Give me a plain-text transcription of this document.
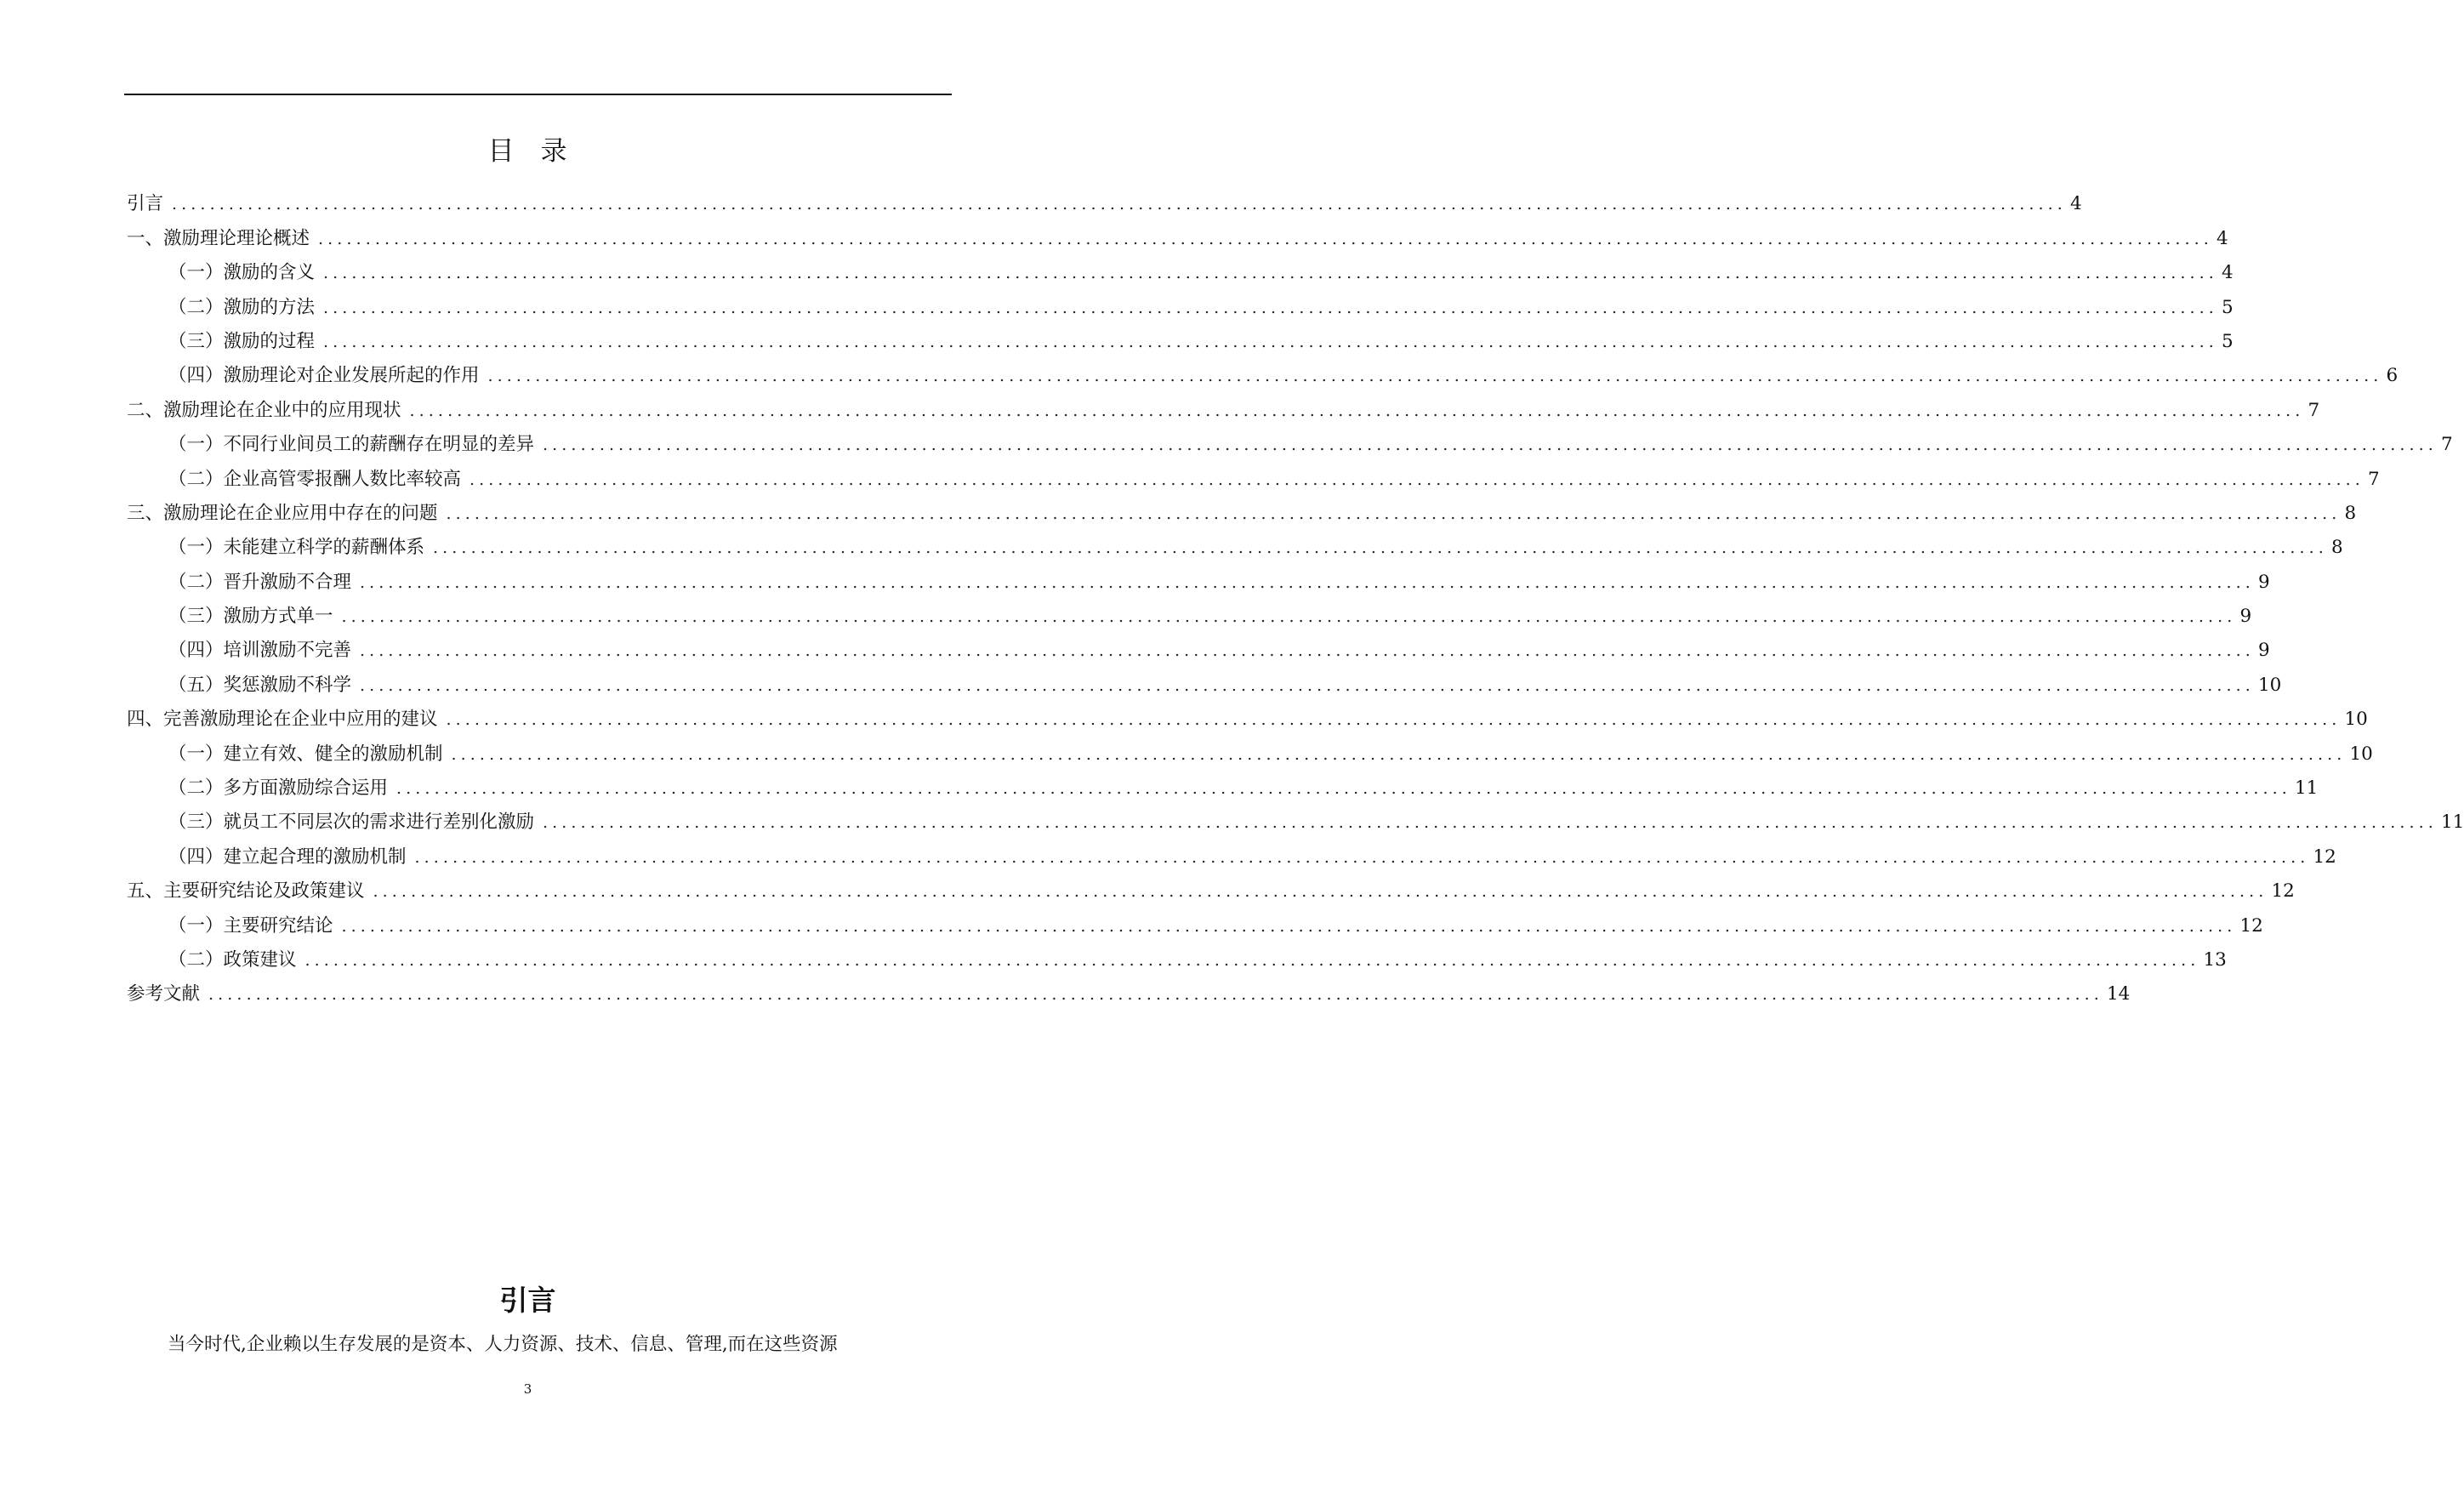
目 录
引言 ........................................................................................................................................................................................................ 4
一、激励理论理论概述 ........................................................................................................................................................................................................ 4
（一）激励的含义 ........................................................................................................................................................................................................ 4
（二）激励的方法 ........................................................................................................................................................................................................ 5
（三）激励的过程 ........................................................................................................................................................................................................ 5
（四）激励理论对企业发展所起的作用 ........................................................................................................................................................................................................ 6
二、激励理论在企业中的应用现状 ........................................................................................................................................................................................................ 7
（一）不同行业间员工的薪酬存在明显的差异 ........................................................................................................................................................................................................ 7
（二）企业高管零报酬人数比率较高 ........................................................................................................................................................................................................ 7
三、激励理论在企业应用中存在的问题 ........................................................................................................................................................................................................ 8
（一）未能建立科学的薪酬体系 ........................................................................................................................................................................................................ 8
（二）晋升激励不合理 ........................................................................................................................................................................................................ 9
（三）激励方式单一 ........................................................................................................................................................................................................ 9
（四）培训激励不完善 ........................................................................................................................................................................................................ 9
（五）奖惩激励不科学 ........................................................................................................................................................................................................ 10
四、完善激励理论在企业中应用的建议 ........................................................................................................................................................................................................ 10
（一）建立有效、健全的激励机制 ........................................................................................................................................................................................................ 10
（二）多方面激励综合运用 ........................................................................................................................................................................................................ 11
（三）就员工不同层次的需求进行差别化激励 ........................................................................................................................................................................................................ 11
（四）建立起合理的激励机制 ........................................................................................................................................................................................................ 12
五、主要研究结论及政策建议 ........................................................................................................................................................................................................ 12
（一）主要研究结论 ........................................................................................................................................................................................................ 12
（二）政策建议 ........................................................................................................................................................................................................ 13
参考文献 ........................................................................................................................................................................................................ 14
引言
当今时代,企业赖以生存发展的是资本、人力资源、技术、信息、管理,而在这些资源
3
